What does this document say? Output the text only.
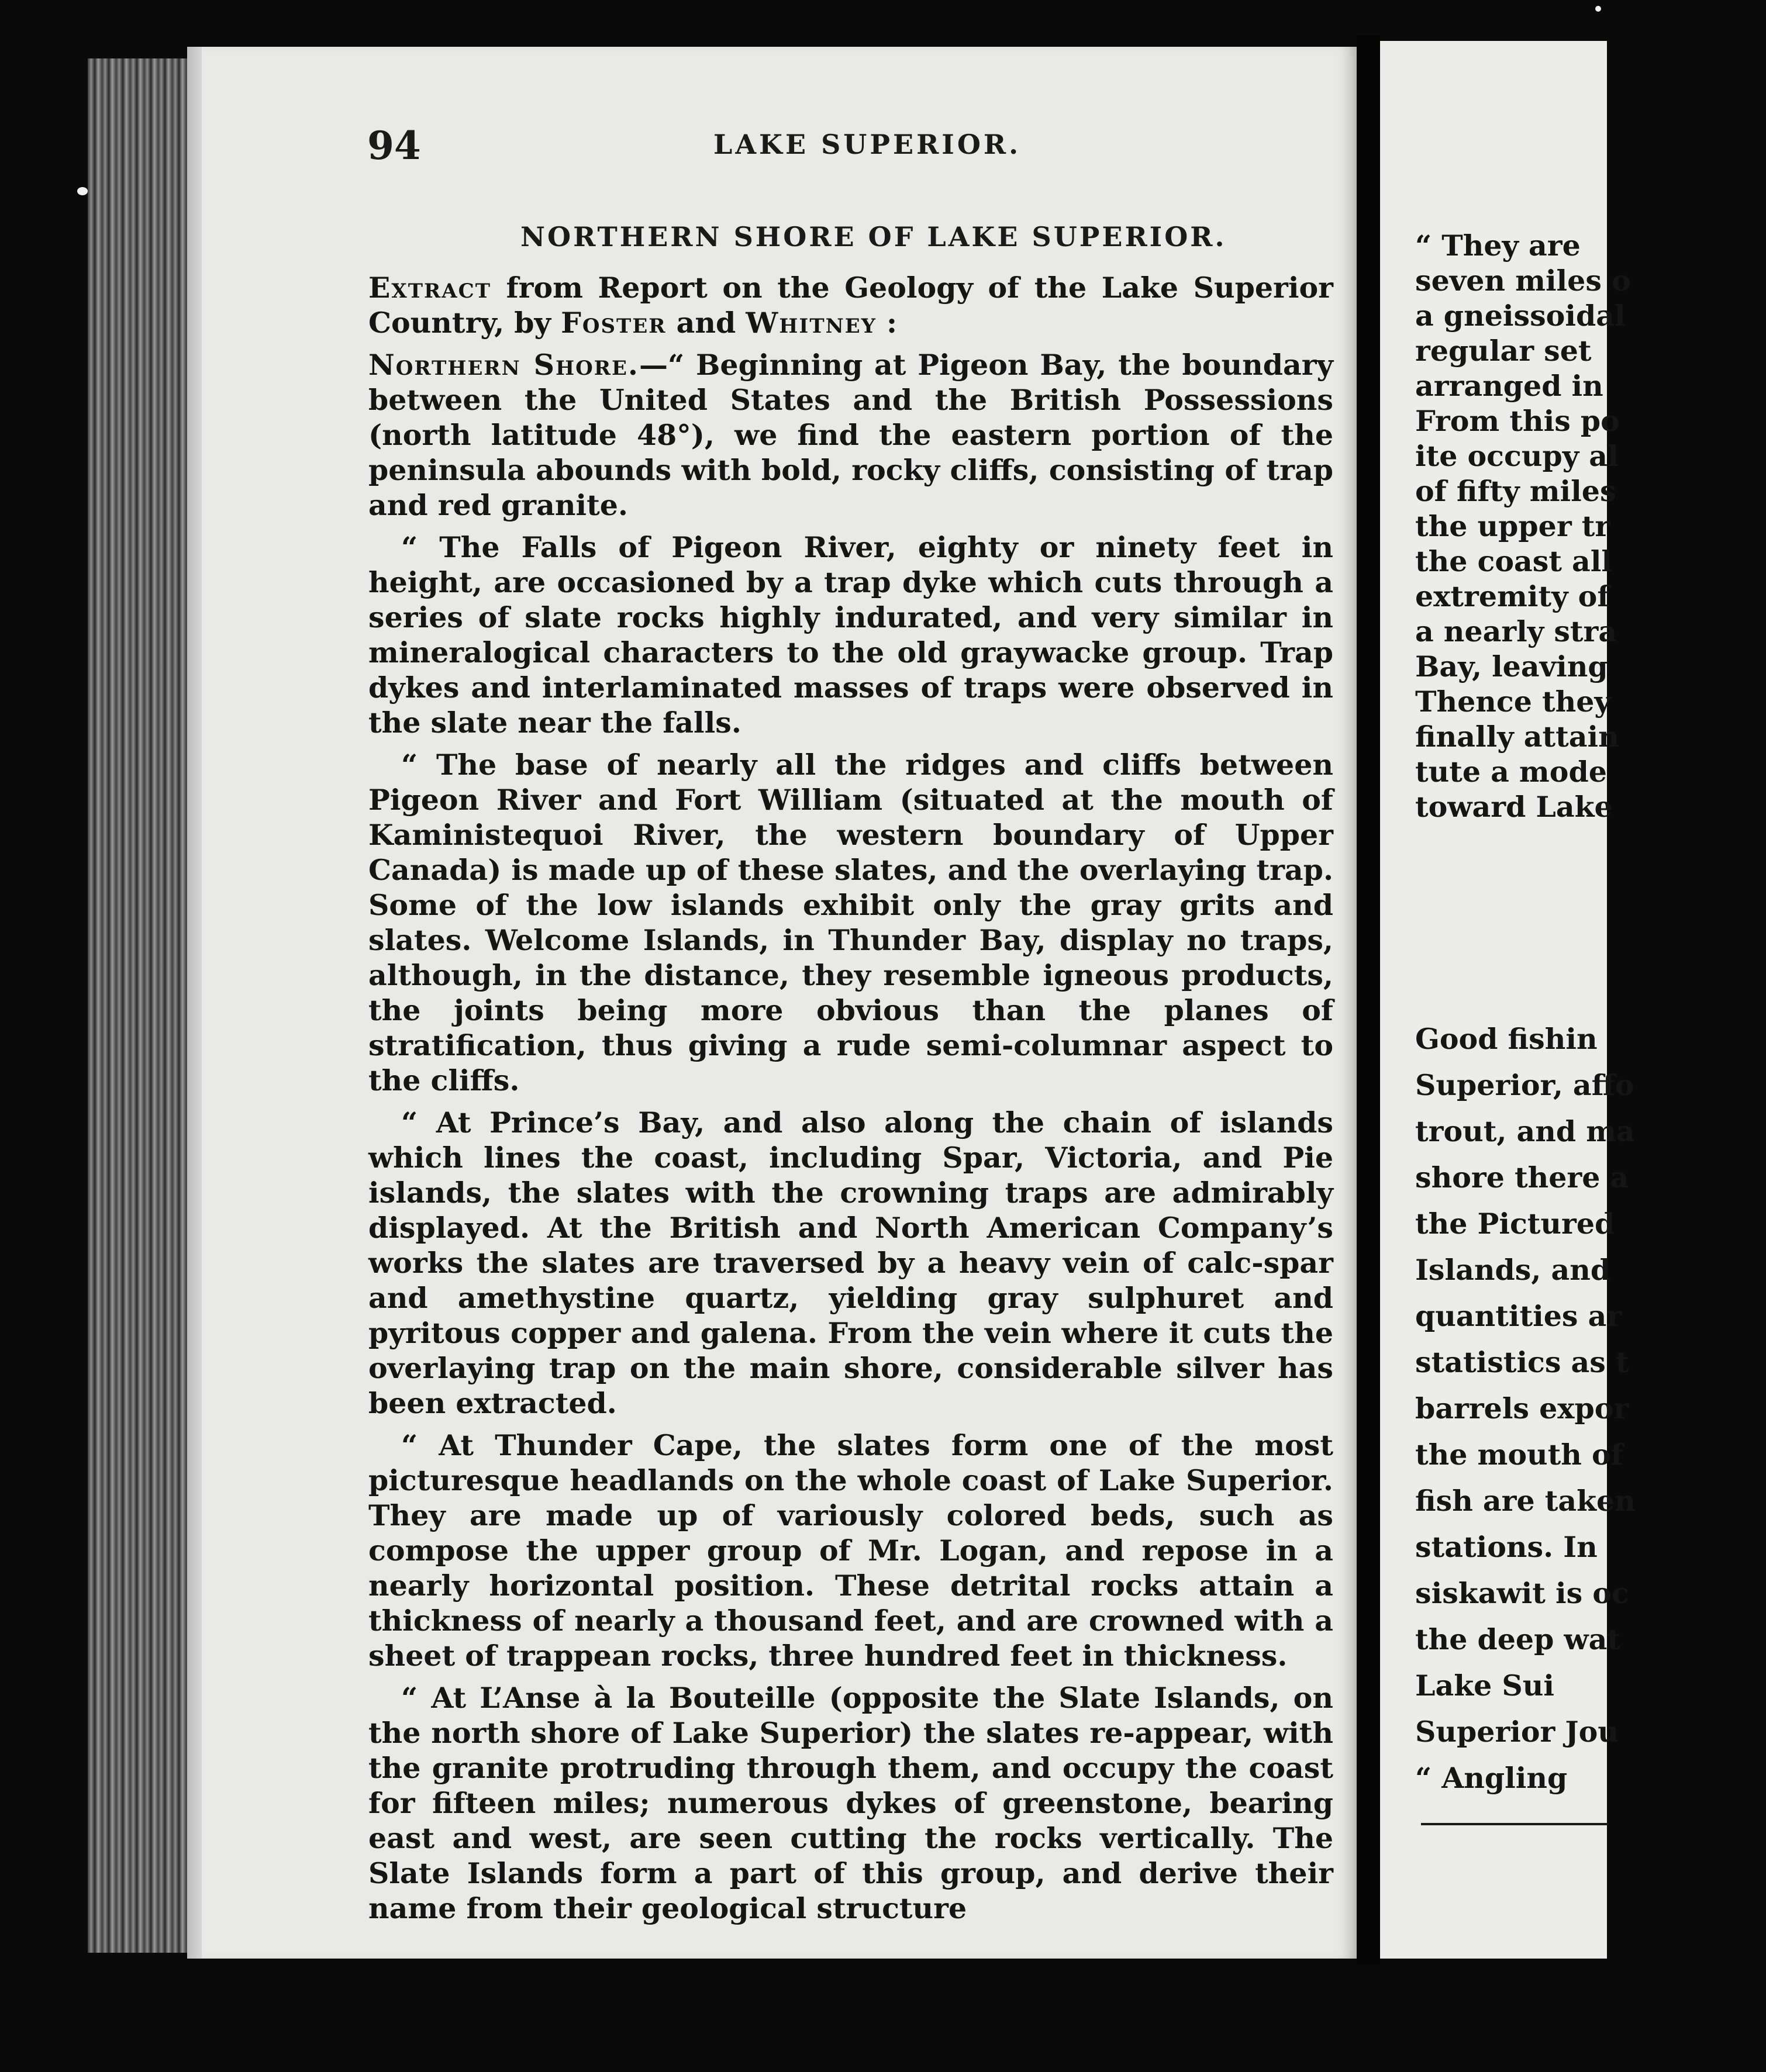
94	LAKE SUPERIOR.
NORTHERN SHORE OF LAKE SUPERIOR.

Extract from Report on the Geology of the Lake Superior Country, by Foster and Whitney :

Northern Shore.—“ Beginning at Pigeon Bay, the boundary between the United States and the British Possessions (north latitude 48°), we find the eastern portion of the peninsula abounds with bold, rocky cliffs, consisting of trap and red granite.

“ The Falls of Pigeon River, eighty or ninety feet in height, are occasioned by a trap dyke which cuts through a series of slate rocks highly indurated, and very similar in mineralogical characters to the old graywacke group. Trap dykes and interlaminated masses of traps were observed in the slate near the falls.

“ The base of nearly all the ridges and cliffs between Pigeon River and Fort William (situated at the mouth of Kaministequoi River, the western boundary of Upper Canada) is made up of these slates, and the overlaying trap. Some of the low islands exhibit only the gray grits and slates. Welcome Islands, in Thunder Bay, display no traps, although, in the distance, they resemble igneous products, the joints being more obvious than the planes of stratification, thus giving a rude semi-columnar aspect to the cliffs.

“ At Prince’s Bay, and also along the chain of islands which lines the coast, including Spar, Victoria, and Pie islands, the slates with the crowning traps are admirably displayed. At the British and North American Company’s works the slates are traversed by a heavy vein of calc-spar and amethystine quartz, yielding gray sulphuret and pyritous copper and galena. From the vein where it cuts the overlaying trap on the main shore, considerable silver has been extracted.

“ At Thunder Cape, the slates form one of the most picturesque headlands on the whole coast of Lake Superior. They are made up of variously colored beds, such as compose the upper group of Mr. Logan, and repose in a nearly horizontal position. These detrital rocks attain a thickness of nearly a thousand feet, and are crowned with a sheet of trappean rocks, three hundred feet in thickness.

“ At L’Anse à la Bouteille (opposite the Slate Islands, on the north shore of Lake Superior) the slates re-appear, with the granite protruding through them, and occupy the coast for fifteen miles; numerous dykes of greenstone, bearing east and west, are seen cutting the rocks vertically. The Slate Islands form a part of this group, and derive their name from their geological structure

“ They are
seven miles o
a gneissoidal
regular set
arranged in
From this po
ite occupy al
of fifty miles
the upper tr
the coast all
extremity of
a nearly stra
Bay, leaving
Thence they
finally attain
tute a mode
toward Lake
Good fishin
Superior, affo
trout, and ma
shore there a
the Pictured
Islands, and
quantities ar
statistics as t
barrels expor
the mouth of
fish are taken
stations. In
siskawit is oc
the deep wat
Lake Sui
Superior Jou
“ Angling
